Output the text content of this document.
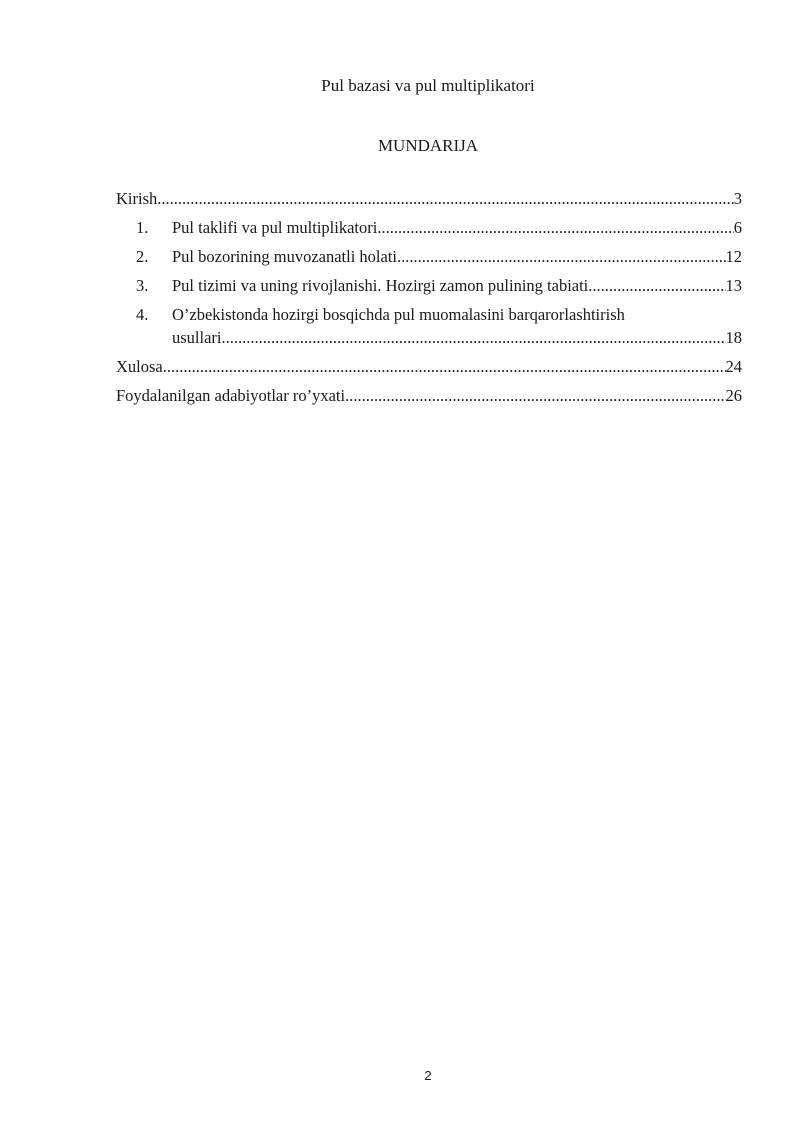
Pul bazasi va pul multiplikatori
MUNDARIJA
Kirish .....	3
1.	Pul taklifi va pul multiplikatori .....	6
2.	Pul bozorining muvozanatli holati .....	12
3.	Pul tizimi va uning rivojlanishi. Hozirgi zamon pulining tabiati .....	13
4.	O’zbekistonda hozirgi bosqichda pul muomalasini barqarorlashtirish
usullari .....	18
Xulosa .....	24
Foydalanilgan adabiyotlar ro’yxati .....	26
2
